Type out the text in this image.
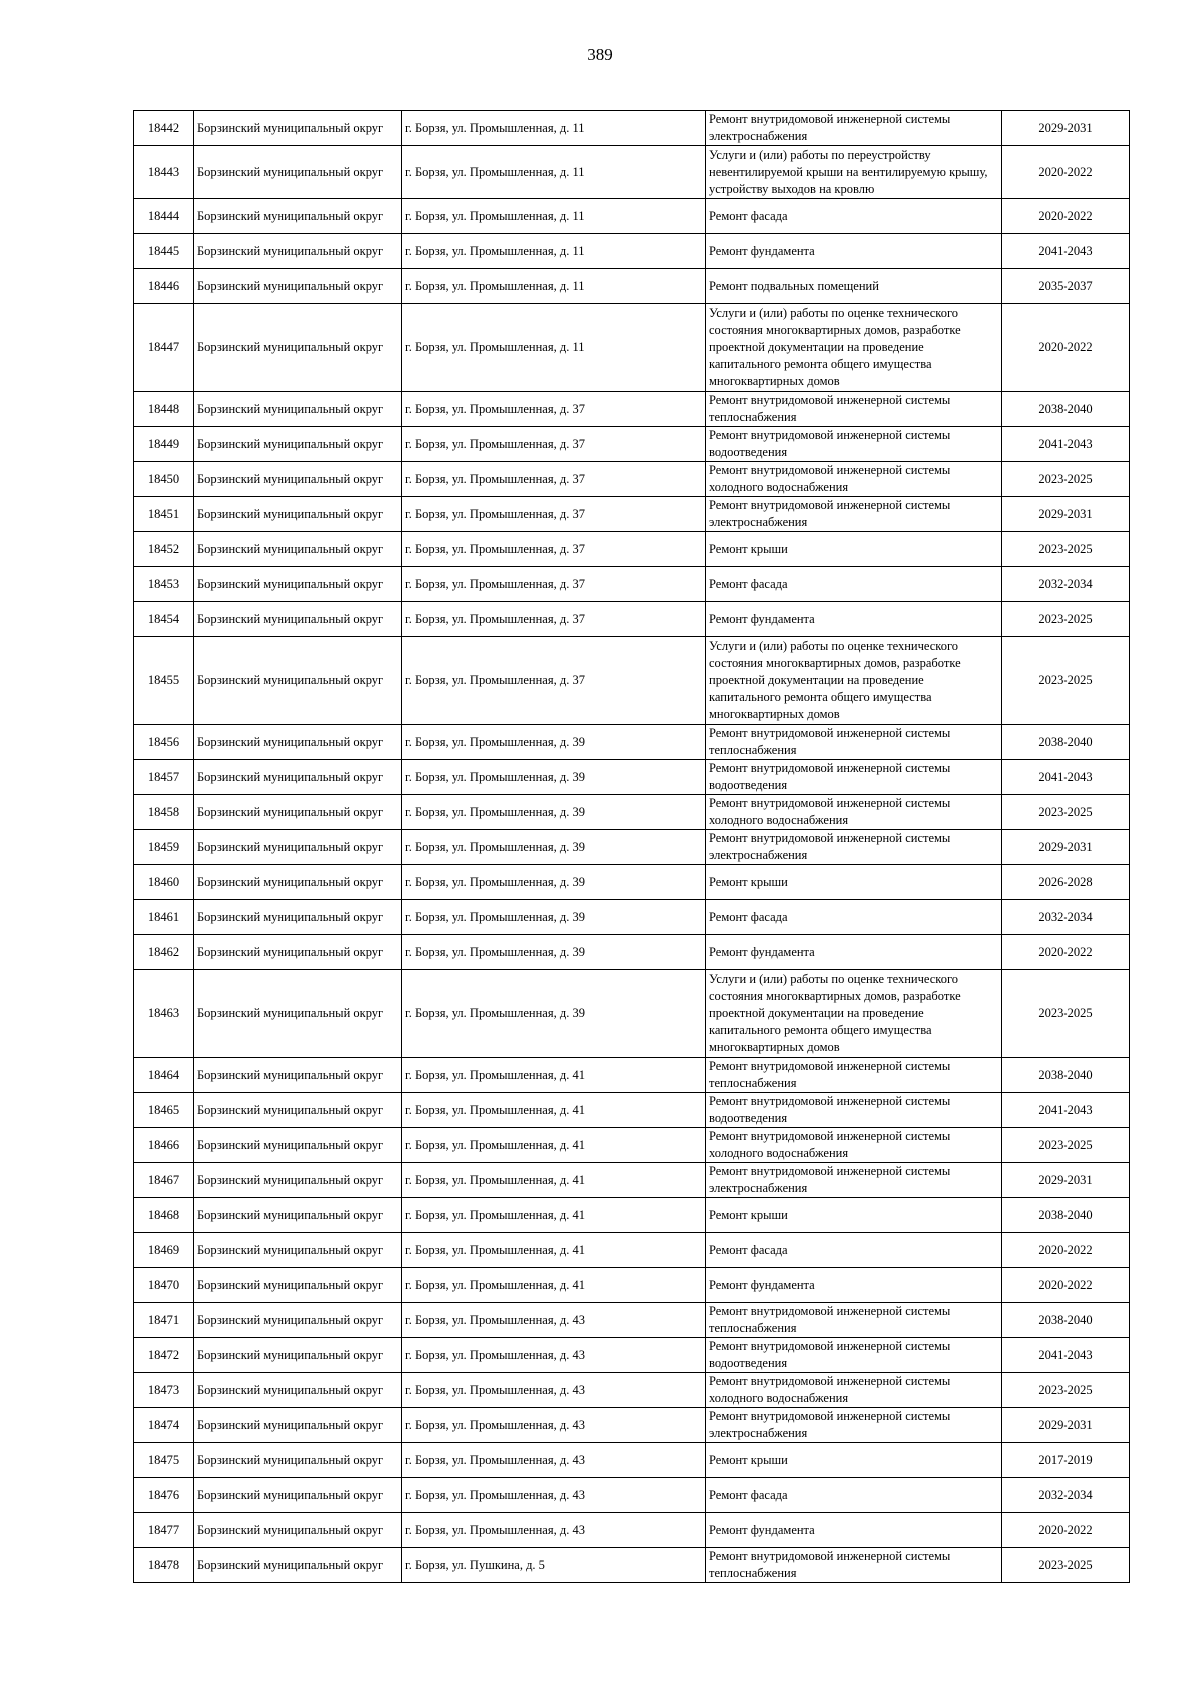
389
18442	Борзинский муниципальный округ	г. Борзя, ул. Промышленная, д. 11	Ремонт внутридомовой инженерной системы электроснабжения	2029-2031
18443	Борзинский муниципальный округ	г. Борзя, ул. Промышленная, д. 11	Услуги и (или) работы по переустройству невентилируемой крыши на вентилируемую крышу, устройству выходов на кровлю	2020-2022
18444	Борзинский муниципальный округ	г. Борзя, ул. Промышленная, д. 11	Ремонт фасада	2020-2022
18445	Борзинский муниципальный округ	г. Борзя, ул. Промышленная, д. 11	Ремонт фундамента	2041-2043
18446	Борзинский муниципальный округ	г. Борзя, ул. Промышленная, д. 11	Ремонт подвальных помещений	2035-2037
18447	Борзинский муниципальный округ	г. Борзя, ул. Промышленная, д. 11	Услуги и (или) работы по оценке технического состояния многоквартирных домов, разработке проектной документации на проведение капитального ремонта общего имущества многоквартирных домов	2020-2022
18448	Борзинский муниципальный округ	г. Борзя, ул. Промышленная, д. 37	Ремонт внутридомовой инженерной системы теплоснабжения	2038-2040
18449	Борзинский муниципальный округ	г. Борзя, ул. Промышленная, д. 37	Ремонт внутридомовой инженерной системы водоотведения	2041-2043
18450	Борзинский муниципальный округ	г. Борзя, ул. Промышленная, д. 37	Ремонт внутридомовой инженерной системы холодного водоснабжения	2023-2025
18451	Борзинский муниципальный округ	г. Борзя, ул. Промышленная, д. 37	Ремонт внутридомовой инженерной системы электроснабжения	2029-2031
18452	Борзинский муниципальный округ	г. Борзя, ул. Промышленная, д. 37	Ремонт крыши	2023-2025
18453	Борзинский муниципальный округ	г. Борзя, ул. Промышленная, д. 37	Ремонт фасада	2032-2034
18454	Борзинский муниципальный округ	г. Борзя, ул. Промышленная, д. 37	Ремонт фундамента	2023-2025
18455	Борзинский муниципальный округ	г. Борзя, ул. Промышленная, д. 37	Услуги и (или) работы по оценке технического состояния многоквартирных домов, разработке проектной документации на проведение капитального ремонта общего имущества многоквартирных домов	2023-2025
18456	Борзинский муниципальный округ	г. Борзя, ул. Промышленная, д. 39	Ремонт внутридомовой инженерной системы теплоснабжения	2038-2040
18457	Борзинский муниципальный округ	г. Борзя, ул. Промышленная, д. 39	Ремонт внутридомовой инженерной системы водоотведения	2041-2043
18458	Борзинский муниципальный округ	г. Борзя, ул. Промышленная, д. 39	Ремонт внутридомовой инженерной системы холодного водоснабжения	2023-2025
18459	Борзинский муниципальный округ	г. Борзя, ул. Промышленная, д. 39	Ремонт внутридомовой инженерной системы электроснабжения	2029-2031
18460	Борзинский муниципальный округ	г. Борзя, ул. Промышленная, д. 39	Ремонт крыши	2026-2028
18461	Борзинский муниципальный округ	г. Борзя, ул. Промышленная, д. 39	Ремонт фасада	2032-2034
18462	Борзинский муниципальный округ	г. Борзя, ул. Промышленная, д. 39	Ремонт фундамента	2020-2022
18463	Борзинский муниципальный округ	г. Борзя, ул. Промышленная, д. 39	Услуги и (или) работы по оценке технического состояния многоквартирных домов, разработке проектной документации на проведение капитального ремонта общего имущества многоквартирных домов	2023-2025
18464	Борзинский муниципальный округ	г. Борзя, ул. Промышленная, д. 41	Ремонт внутридомовой инженерной системы теплоснабжения	2038-2040
18465	Борзинский муниципальный округ	г. Борзя, ул. Промышленная, д. 41	Ремонт внутридомовой инженерной системы водоотведения	2041-2043
18466	Борзинский муниципальный округ	г. Борзя, ул. Промышленная, д. 41	Ремонт внутридомовой инженерной системы холодного водоснабжения	2023-2025
18467	Борзинский муниципальный округ	г. Борзя, ул. Промышленная, д. 41	Ремонт внутридомовой инженерной системы электроснабжения	2029-2031
18468	Борзинский муниципальный округ	г. Борзя, ул. Промышленная, д. 41	Ремонт крыши	2038-2040
18469	Борзинский муниципальный округ	г. Борзя, ул. Промышленная, д. 41	Ремонт фасада	2020-2022
18470	Борзинский муниципальный округ	г. Борзя, ул. Промышленная, д. 41	Ремонт фундамента	2020-2022
18471	Борзинский муниципальный округ	г. Борзя, ул. Промышленная, д. 43	Ремонт внутридомовой инженерной системы теплоснабжения	2038-2040
18472	Борзинский муниципальный округ	г. Борзя, ул. Промышленная, д. 43	Ремонт внутридомовой инженерной системы водоотведения	2041-2043
18473	Борзинский муниципальный округ	г. Борзя, ул. Промышленная, д. 43	Ремонт внутридомовой инженерной системы холодного водоснабжения	2023-2025
18474	Борзинский муниципальный округ	г. Борзя, ул. Промышленная, д. 43	Ремонт внутридомовой инженерной системы электроснабжения	2029-2031
18475	Борзинский муниципальный округ	г. Борзя, ул. Промышленная, д. 43	Ремонт крыши	2017-2019
18476	Борзинский муниципальный округ	г. Борзя, ул. Промышленная, д. 43	Ремонт фасада	2032-2034
18477	Борзинский муниципальный округ	г. Борзя, ул. Промышленная, д. 43	Ремонт фундамента	2020-2022
18478	Борзинский муниципальный округ	г. Борзя, ул. Пушкина, д. 5	Ремонт внутридомовой инженерной системы теплоснабжения	2023-2025
